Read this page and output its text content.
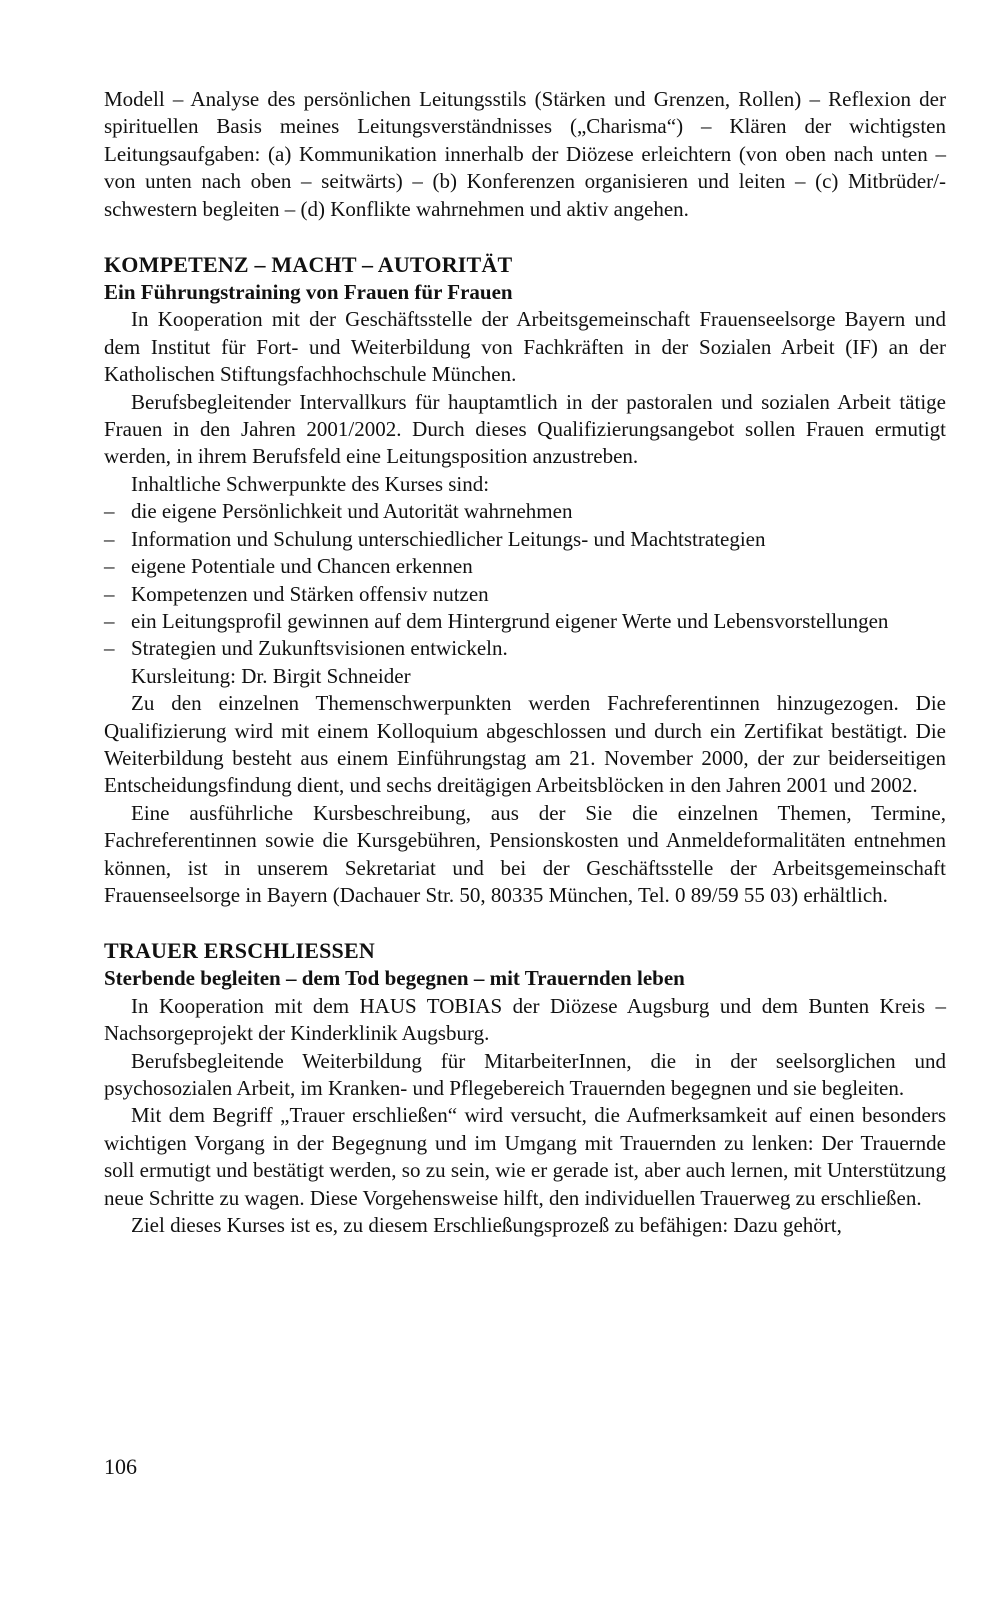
Modell – Analyse des persönlichen Leitungsstils (Stärken und Grenzen, Rollen) – Reflexion der spirituellen Basis meines Leitungsverständnisses („Charisma“) – Klären der wichtigsten Leitungsaufgaben: (a) Kommunikation innerhalb der Diözese erleichtern (von oben nach unten – von unten nach oben – seitwärts) – (b) Konferenzen organisieren und leiten – (c) Mitbrüder/-schwestern begleiten – (d) Konflikte wahrnehmen und aktiv angehen.

KOMPETENZ – MACHT – AUTORITÄT

Ein Führungstraining von Frauen für Frauen

In Kooperation mit der Geschäftsstelle der Arbeitsgemeinschaft Frauenseelsorge Bayern und dem Institut für Fort- und Weiterbildung von Fachkräften in der Sozialen Arbeit (IF) an der Katholischen Stiftungsfachhochschule München.

Berufsbegleitender Intervallkurs für hauptamtlich in der pastoralen und sozialen Arbeit tätige Frauen in den Jahren 2001/2002. Durch dieses Qualifizierungsangebot sollen Frauen ermutigt werden, in ihrem Berufsfeld eine Leitungsposition anzustreben.

Inhaltliche Schwerpunkte des Kurses sind:

– die eigene Persönlichkeit und Autorität wahrnehmen
– Information und Schulung unterschiedlicher Leitungs- und Machtstrategien
– eigene Potentiale und Chancen erkennen
– Kompetenzen und Stärken offensiv nutzen
– ein Leitungsprofil gewinnen auf dem Hintergrund eigener Werte und Lebensvorstellungen
– Strategien und Zukunftsvisionen entwickeln.

Kursleitung: Dr. Birgit Schneider

Zu den einzelnen Themenschwerpunkten werden Fachreferentinnen hinzugezogen. Die Qualifizierung wird mit einem Kolloquium abgeschlossen und durch ein Zertifikat bestätigt. Die Weiterbildung besteht aus einem Einführungstag am 21. November 2000, der zur beiderseitigen Entscheidungsfindung dient, und sechs dreitägigen Arbeitsblöcken in den Jahren 2001 und 2002.

Eine ausführliche Kursbeschreibung, aus der Sie die einzelnen Themen, Termine, Fachreferentinnen sowie die Kursgebühren, Pensionskosten und Anmeldeformalitäten entnehmen können, ist in unserem Sekretariat und bei der Geschäftsstelle der Arbeitsgemeinschaft Frauenseelsorge in Bayern (Dachauer Str. 50, 80335 München, Tel. 0 89/59 55 03) erhältlich.

TRAUER ERSCHLIESSEN

Sterbende begleiten – dem Tod begegnen – mit Trauernden leben

In Kooperation mit dem HAUS TOBIAS der Diözese Augsburg und dem Bunten Kreis – Nachsorgeprojekt der Kinderklinik Augsburg.

Berufsbegleitende Weiterbildung für MitarbeiterInnen, die in der seelsorglichen und psychosozialen Arbeit, im Kranken- und Pflegebereich Trauernden begegnen und sie begleiten.

Mit dem Begriff „Trauer erschließen“ wird versucht, die Aufmerksamkeit auf einen besonders wichtigen Vorgang in der Begegnung und im Umgang mit Trauernden zu lenken: Der Trauernde soll ermutigt und bestätigt werden, so zu sein, wie er gerade ist, aber auch lernen, mit Unterstützung neue Schritte zu wagen. Diese Vorgehensweise hilft, den individuellen Trauerweg zu erschließen.

Ziel dieses Kurses ist es, zu diesem Erschließungsprozeß zu befähigen: Dazu gehört,

106
